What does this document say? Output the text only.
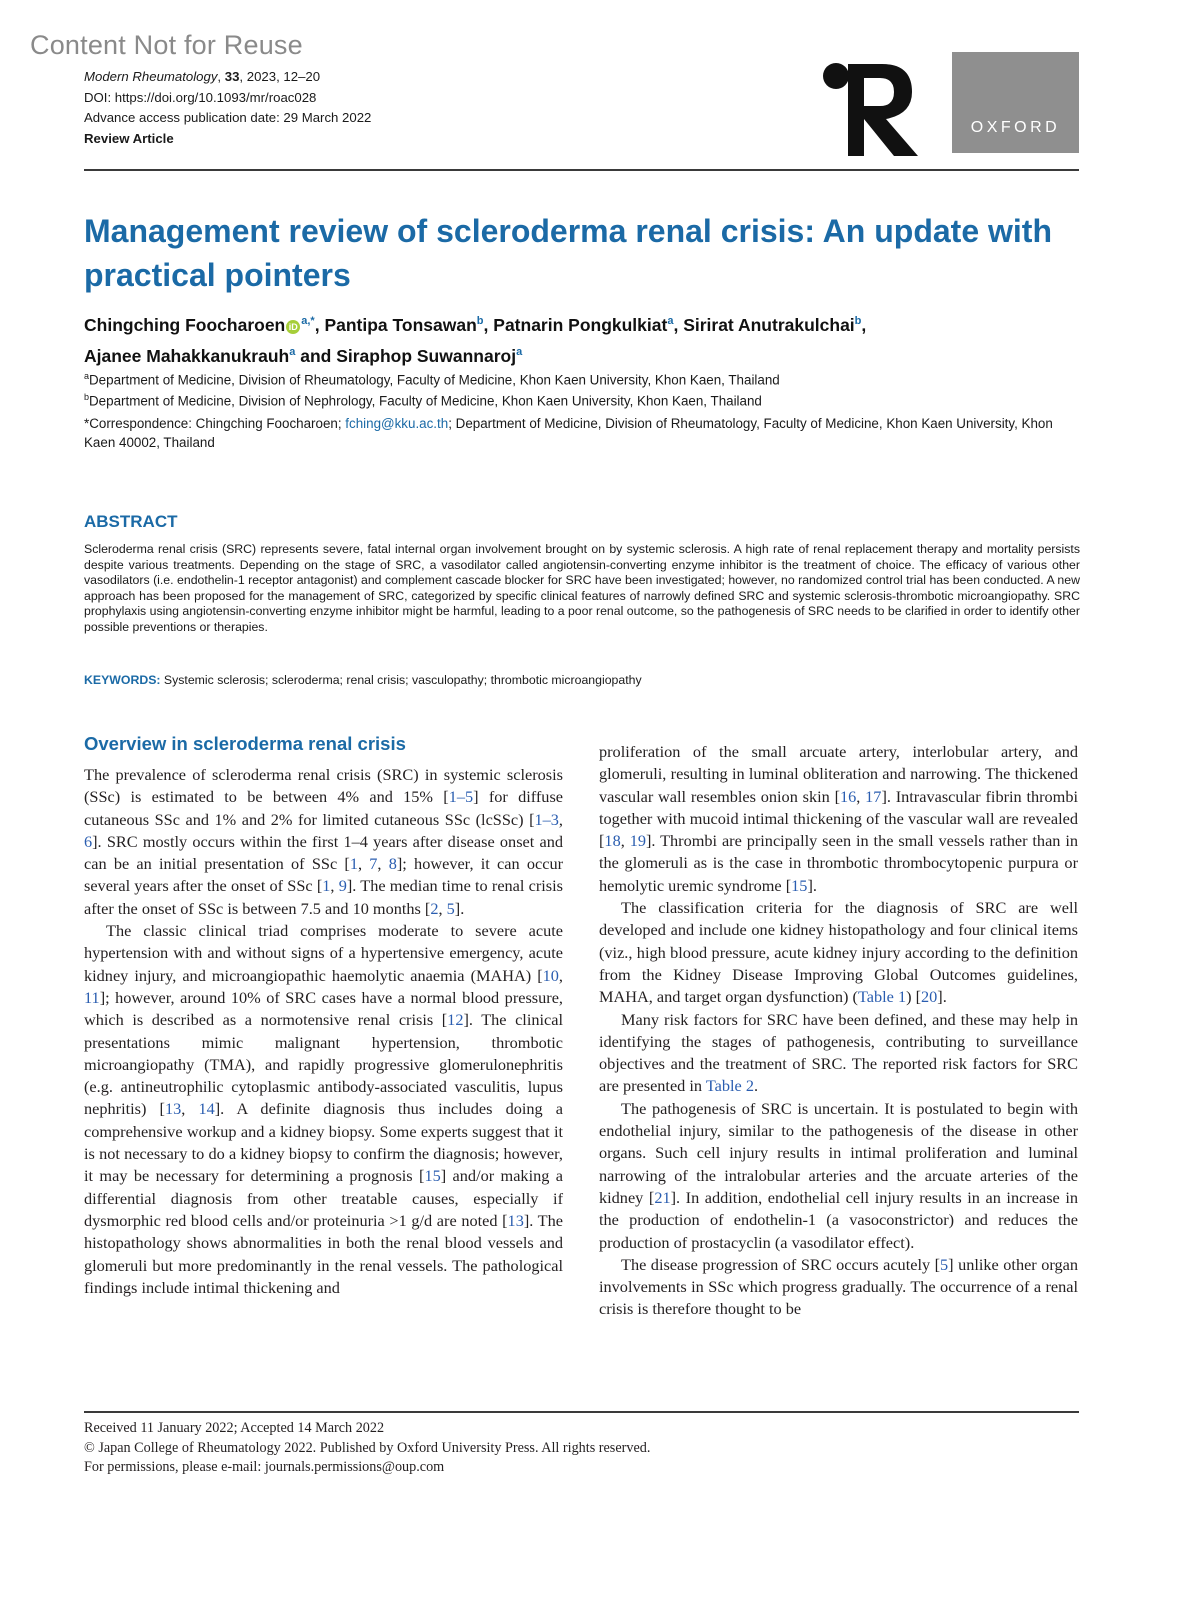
Content Not for Reuse
Modern Rheumatology, 33, 2023, 12–20
DOI: https://doi.org/10.1093/mr/roac028
Advance access publication date: 29 March 2022
Review Article
OXFORD
Management review of scleroderma renal crisis: An update with practical pointers
Chingching Foocharoen iD $^{a,*}$, Pantipa Tonsawan$^b$, Patnarin Pongkulkiat$^a$, Sirirat Anutrakulchai$^b$,
Ajanee Mahakkanukrauh$^a$ and Siraphop Suwannaroj$^a$
$^a$Department of Medicine, Division of Rheumatology, Faculty of Medicine, Khon Kaen University, Khon Kaen, Thailand
$^b$Department of Medicine, Division of Nephrology, Faculty of Medicine, Khon Kaen University, Khon Kaen, Thailand
*Correspondence: Chingching Foocharoen; fching@kku.ac.th; Department of Medicine, Division of Rheumatology, Faculty of Medicine, Khon Kaen University, Khon Kaen 40002, Thailand
ABSTRACT
Scleroderma renal crisis (SRC) represents severe, fatal internal organ involvement brought on by systemic sclerosis. A high rate of renal replacement therapy and mortality persists despite various treatments. Depending on the stage of SRC, a vasodilator called angiotensin-converting enzyme inhibitor is the treatment of choice. The efficacy of various other vasodilators (i.e. endothelin-1 receptor antagonist) and complement cascade blocker for SRC have been investigated; however, no randomized control trial has been conducted. A new approach has been proposed for the management of SRC, categorized by specific clinical features of narrowly defined SRC and systemic sclerosis-thrombotic microangiopathy. SRC prophylaxis using angiotensin-converting enzyme inhibitor might be harmful, leading to a poor renal outcome, so the pathogenesis of SRC needs to be clarified in order to identify other possible preventions or therapies.
KEYWORDS: Systemic sclerosis; scleroderma; renal crisis; vasculopathy; thrombotic microangiopathy
Overview in scleroderma renal crisis

The prevalence of scleroderma renal crisis (SRC) in systemic sclerosis (SSc) is estimated to be between 4% and 15% [1–5] for diffuse cutaneous SSc and 1% and 2% for limited cutaneous SSc (lcSSc) [1–3, 6]. SRC mostly occurs within the first 1–4 years after disease onset and can be an initial presentation of SSc [1, 7, 8]; however, it can occur several years after the onset of SSc [1, 9]. The median time to renal crisis after the onset of SSc is between 7.5 and 10 months [2, 5].

The classic clinical triad comprises moderate to severe acute hypertension with and without signs of a hypertensive emergency, acute kidney injury, and microangiopathic haemolytic anaemia (MAHA) [10, 11]; however, around 10% of SRC cases have a normal blood pressure, which is described as a normotensive renal crisis [12]. The clinical presentations mimic malignant hypertension, thrombotic microangiopathy (TMA), and rapidly progressive glomerulonephritis (e.g. antineutrophilic cytoplasmic antibody-associated vasculitis, lupus nephritis) [13, 14]. A definite diagnosis thus includes doing a comprehensive workup and a kidney biopsy. Some experts suggest that it is not necessary to do a kidney biopsy to confirm the diagnosis; however, it may be necessary for determining a prognosis [15] and/or making a differential diagnosis from other treatable causes, especially if dysmorphic red blood cells and/or proteinuria >1 g/d are noted [13]. The histopathology shows abnormalities in both the renal blood vessels and glomeruli but more predominantly in the renal vessels. The pathological findings include intimal thickening and

proliferation of the small arcuate artery, interlobular artery, and glomeruli, resulting in luminal obliteration and narrowing. The thickened vascular wall resembles onion skin [16, 17]. Intravascular fibrin thrombi together with mucoid intimal thickening of the vascular wall are revealed [18, 19]. Thrombi are principally seen in the small vessels rather than in the glomeruli as is the case in thrombotic thrombocytopenic purpura or hemolytic uremic syndrome [15].

The classification criteria for the diagnosis of SRC are well developed and include one kidney histopathology and four clinical items (viz., high blood pressure, acute kidney injury according to the definition from the Kidney Disease Improving Global Outcomes guidelines, MAHA, and target organ dysfunction) (Table 1) [20].

Many risk factors for SRC have been defined, and these may help in identifying the stages of pathogenesis, contributing to surveillance objectives and the treatment of SRC. The reported risk factors for SRC are presented in Table 2.

The pathogenesis of SRC is uncertain. It is postulated to begin with endothelial injury, similar to the pathogenesis of the disease in other organs. Such cell injury results in intimal proliferation and luminal narrowing of the intralobular arteries and the arcuate arteries of the kidney [21]. In addition, endothelial cell injury results in an increase in the production of endothelin-1 (a vasoconstrictor) and reduces the production of prostacyclin (a vasodilator effect).

The disease progression of SRC occurs acutely [5] unlike other organ involvements in SSc which progress gradually. The occurrence of a renal crisis is therefore thought to be

Received 11 January 2022; Accepted 14 March 2022
© Japan College of Rheumatology 2022. Published by Oxford University Press. All rights reserved.
For permissions, please e-mail: journals.permissions@oup.com
